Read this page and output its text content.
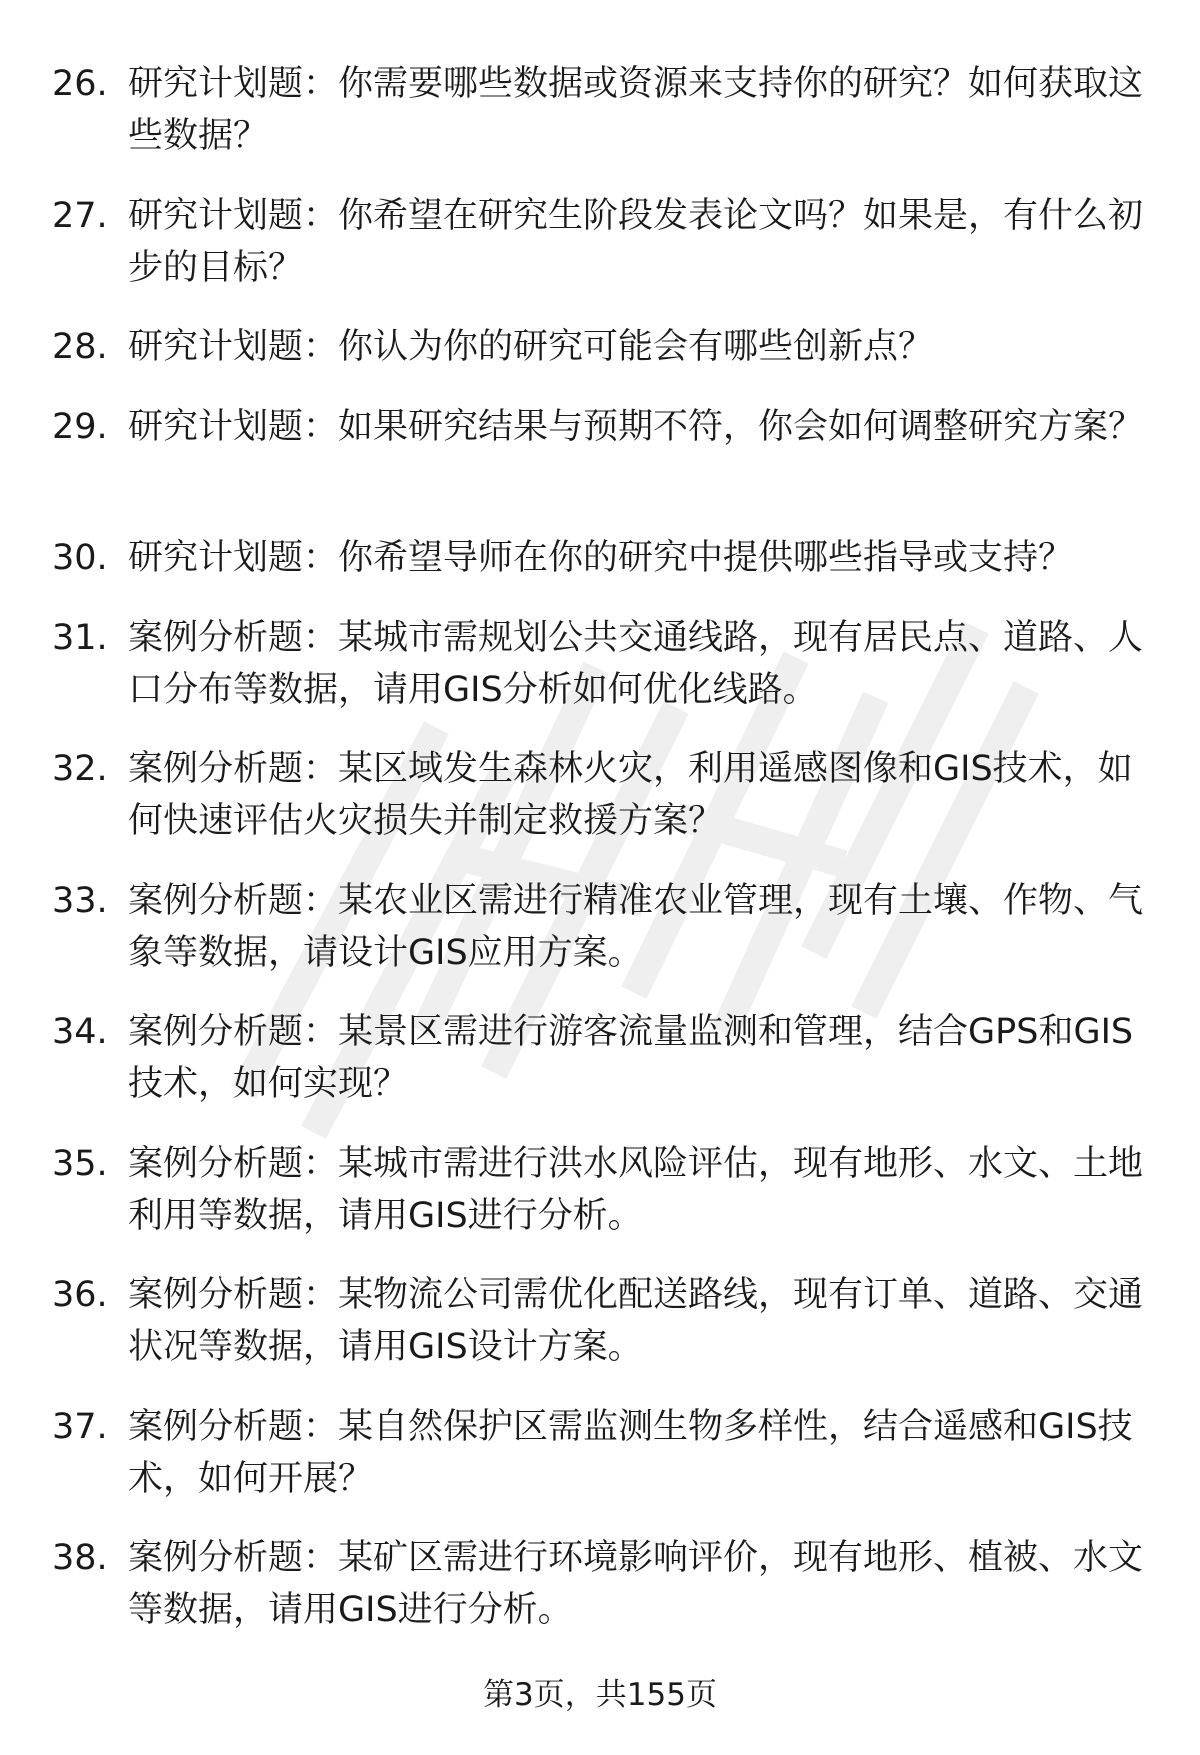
26. 研究计划题：你需要哪些数据或资源来支持你的研究？如何获取这些数据？
27. 研究计划题：你希望在研究生阶段发表论文吗？如果是，有什么初步的目标？
28. 研究计划题：你认为你的研究可能会有哪些创新点？
29. 研究计划题：如果研究结果与预期不符，你会如何调整研究方案？
30. 研究计划题：你希望导师在你的研究中提供哪些指导或支持？
31. 案例分析题：某城市需规划公共交通线路，现有居民点、道路、人口分布等数据，请用GIS分析如何优化线路。
32. 案例分析题：某区域发生森林火灾，利用遥感图像和GIS技术，如何快速评估火灾损失并制定救援方案？
33. 案例分析题：某农业区需进行精准农业管理，现有土壤、作物、气象等数据，请设计GIS应用方案。
34. 案例分析题：某景区需进行游客流量监测和管理，结合GPS和GIS技术，如何实现？
35. 案例分析题：某城市需进行洪水风险评估，现有地形、水文、土地利用等数据，请用GIS进行分析。
36. 案例分析题：某物流公司需优化配送路线，现有订单、道路、交通状况等数据，请用GIS设计方案。
37. 案例分析题：某自然保护区需监测生物多样性，结合遥感和GIS技术，如何开展？
38. 案例分析题：某矿区需进行环境影响评价，现有地形、植被、水文等数据，请用GIS进行分析。
第3页，共155页
